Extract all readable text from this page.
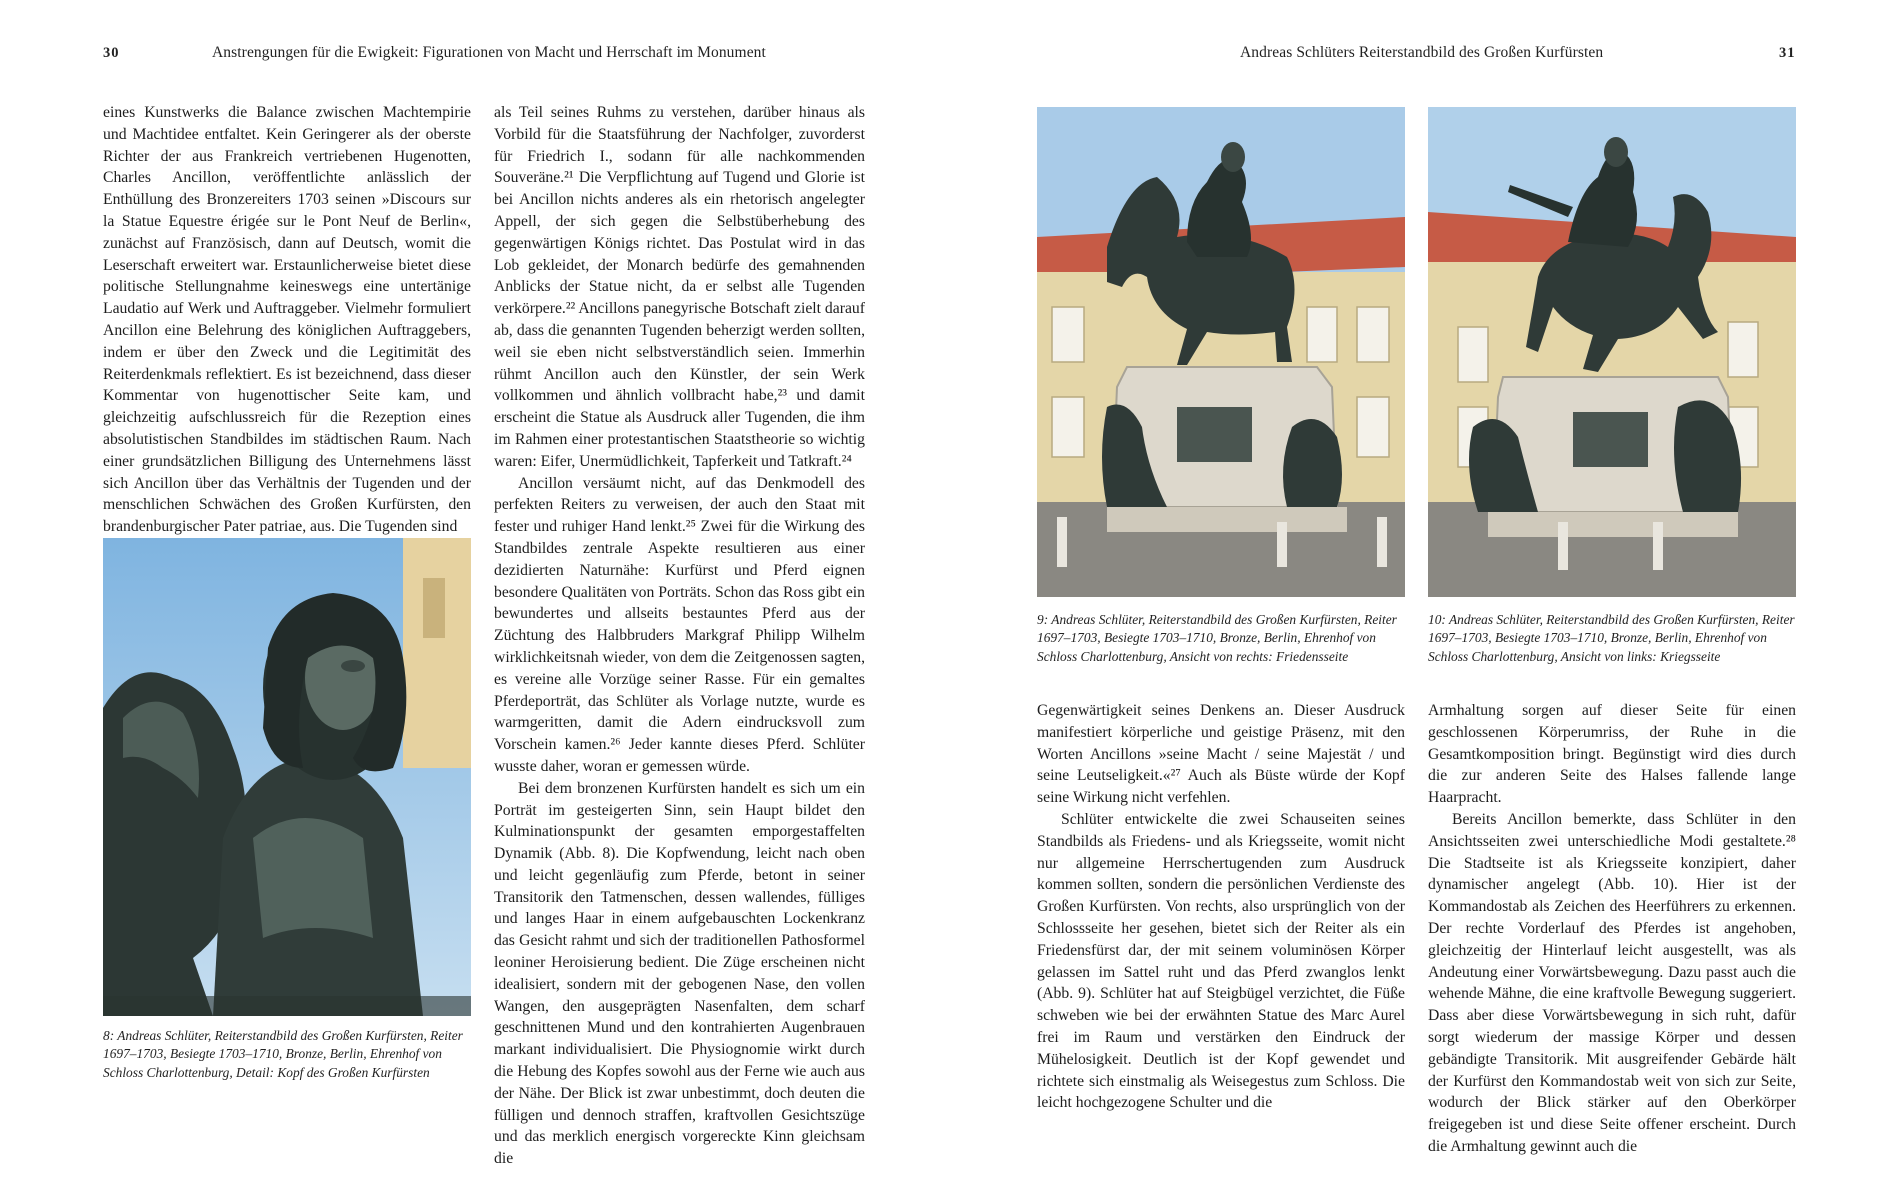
30	Anstrengungen für die Ewigkeit: Figurationen von Macht und Herrschaft im Monument

eines Kunstwerks die Balance zwischen Machtempirie und Machtidee entfaltet. Kein Geringerer als der oberste Richter der aus Frankreich vertriebenen Hugenotten, Charles Ancillon, veröffentlichte anlässlich der Enthüllung des Bronzereiters 1703 seinen »Discours sur la Statue Equestre érigée sur le Pont Neuf de Berlin«, zunächst auf Französisch, dann auf Deutsch, womit die Leserschaft erweitert war. Erstaunlicherweise bietet diese politische Stellungnahme keineswegs eine untertänige Laudatio auf Werk und Auftraggeber. Vielmehr formuliert Ancillon eine Belehrung des königlichen Auftraggebers, indem er über den Zweck und die Legitimität des Reiterdenkmals reflektiert. Es ist bezeichnend, dass dieser Kommentar von hugenottischer Seite kam, und gleichzeitig aufschlussreich für die Rezeption eines absolutistischen Standbildes im städtischen Raum. Nach einer grundsätzlichen Billigung des Unternehmens lässt sich Ancillon über das Verhältnis der Tugenden und der menschlichen Schwächen des Großen Kurfürsten, den brandenburgischer Pater patriae, aus. Die Tugenden sind

8: Andreas Schlüter, Reiterstandbild des Großen Kurfürsten, Reiter 1697–1703, Besiegte 1703–1710, Bronze, Berlin, Ehrenhof von Schloss Charlottenburg, Detail: Kopf des Großen Kurfürsten

als Teil seines Ruhms zu verstehen, darüber hinaus als Vorbild für die Staatsführung der Nachfolger, zuvorderst für Friedrich I., sodann für alle nachkommenden Souveräne.²¹ Die Verpflichtung auf Tugend und Glorie ist bei Ancillon nichts anderes als ein rhetorisch angelegter Appell, der sich gegen die Selbstüberhebung des gegenwärtigen Königs richtet. Das Postulat wird in das Lob gekleidet, der Monarch bedürfe des gemahnenden Anblicks der Statue nicht, da er selbst alle Tugenden verkörpere.²² Ancillons panegyrische Botschaft zielt darauf ab, dass die genannten Tugenden beherzigt werden sollten, weil sie eben nicht selbstverständlich seien. Immerhin rühmt Ancillon auch den Künstler, der sein Werk vollkommen und ähnlich vollbracht habe,²³ und damit erscheint die Statue als Ausdruck aller Tugenden, die ihm im Rahmen einer protestantischen Staatstheorie so wichtig waren: Eifer, Unermüdlichkeit, Tapferkeit und Tatkraft.²⁴

Ancillon versäumt nicht, auf das Denkmodell des perfekten Reiters zu verweisen, der auch den Staat mit fester und ruhiger Hand lenkt.²⁵ Zwei für die Wirkung des Standbildes zentrale Aspekte resultieren aus einer dezidierten Naturnähe: Kurfürst und Pferd eignen besondere Qualitäten von Porträts. Schon das Ross gibt ein bewundertes und allseits bestauntes Pferd aus der Züchtung des Halbbruders Markgraf Philipp Wilhelm wirklichkeitsnah wieder, von dem die Zeitgenossen sagten, es vereine alle Vorzüge seiner Rasse. Für ein gemaltes Pferdeporträt, das Schlüter als Vorlage nutzte, wurde es warmgeritten, damit die Adern eindrucksvoll zum Vorschein kamen.²⁶ Jeder kannte dieses Pferd. Schlüter wusste daher, woran er gemessen würde.

Bei dem bronzenen Kurfürsten handelt es sich um ein Porträt im gesteigerten Sinn, sein Haupt bildet den Kulminationspunkt der gesamten emporgestaffelten Dynamik (Abb. 8). Die Kopfwendung, leicht nach oben und leicht gegenläufig zum Pferde, betont in seiner Transitorik den Tatmenschen, dessen wallendes, fülliges und langes Haar in einem aufgebauschten Lockenkranz das Gesicht rahmt und sich der traditionellen Pathosformel leoniner Heroisierung bedient. Die Züge erscheinen nicht idealisiert, sondern mit der gebogenen Nase, den vollen Wangen, den ausgeprägten Nasenfalten, dem scharf geschnittenen Mund und den kontrahierten Augenbrauen markant individualisiert. Die Physiognomie wirkt durch die Hebung des Kopfes sowohl aus der Ferne wie auch aus der Nähe. Der Blick ist zwar unbestimmt, doch deuten die fülligen und dennoch straffen, kraftvollen Gesichtszüge und das merklich energisch vorgereckte Kinn gleichsam die

Andreas Schlüters Reiterstandbild des Großen Kurfürsten	31
9: Andreas Schlüter, Reiterstandbild des Großen Kurfürsten, Reiter 1697–1703, Besiegte 1703–1710, Bronze, Berlin, Ehrenhof von Schloss Charlottenburg, Ansicht von rechts: Friedensseite
10: Andreas Schlüter, Reiterstandbild des Großen Kurfürsten, Reiter 1697–1703, Besiegte 1703–1710, Bronze, Berlin, Ehrenhof von Schloss Charlottenburg, Ansicht von links: Kriegsseite

Gegenwärtigkeit seines Denkens an. Dieser Ausdruck manifestiert körperliche und geistige Präsenz, mit den Worten Ancillons »seine Macht / seine Majestät / und seine Leutseligkeit.«²⁷ Auch als Büste würde der Kopf seine Wirkung nicht verfehlen.

Schlüter entwickelte die zwei Schauseiten seines Standbilds als Friedens- und als Kriegsseite, womit nicht nur allgemeine Herrschertugenden zum Ausdruck kommen sollten, sondern die persönlichen Verdienste des Großen Kurfürsten. Von rechts, also ursprünglich von der Schlossseite her gesehen, bietet sich der Reiter als ein Friedensfürst dar, der mit seinem voluminösen Körper gelassen im Sattel ruht und das Pferd zwanglos lenkt (Abb. 9). Schlüter hat auf Steigbügel verzichtet, die Füße schweben wie bei der erwähnten Statue des Marc Aurel frei im Raum und verstärken den Eindruck der Mühelosigkeit. Deutlich ist der Kopf gewendet und richtete sich einstmalig als Weisegestus zum Schloss. Die leicht hochgezogene Schulter und die

Armhaltung sorgen auf dieser Seite für einen geschlossenen Körperumriss, der Ruhe in die Gesamtkomposition bringt. Begünstigt wird dies durch die zur anderen Seite des Halses fallende lange Haarpracht.

Bereits Ancillon bemerkte, dass Schlüter in den Ansichtsseiten zwei unterschiedliche Modi gestaltete.²⁸ Die Stadtseite ist als Kriegsseite konzipiert, daher dynamischer angelegt (Abb. 10). Hier ist der Kommandostab als Zeichen des Heerführers zu erkennen. Der rechte Vorderlauf des Pferdes ist angehoben, gleichzeitig der Hinterlauf leicht ausgestellt, was als Andeutung einer Vorwärtsbewegung. Dazu passt auch die wehende Mähne, die eine kraftvolle Bewegung suggeriert. Dass aber diese Vorwärtsbewegung in sich ruht, dafür sorgt wiederum der massige Körper und dessen gebändigte Transitorik. Mit ausgreifender Gebärde hält der Kurfürst den Kommandostab weit von sich zur Seite, wodurch der Blick stärker auf den Oberkörper freigegeben ist und diese Seite offener erscheint. Durch die Armhaltung gewinnt auch die
